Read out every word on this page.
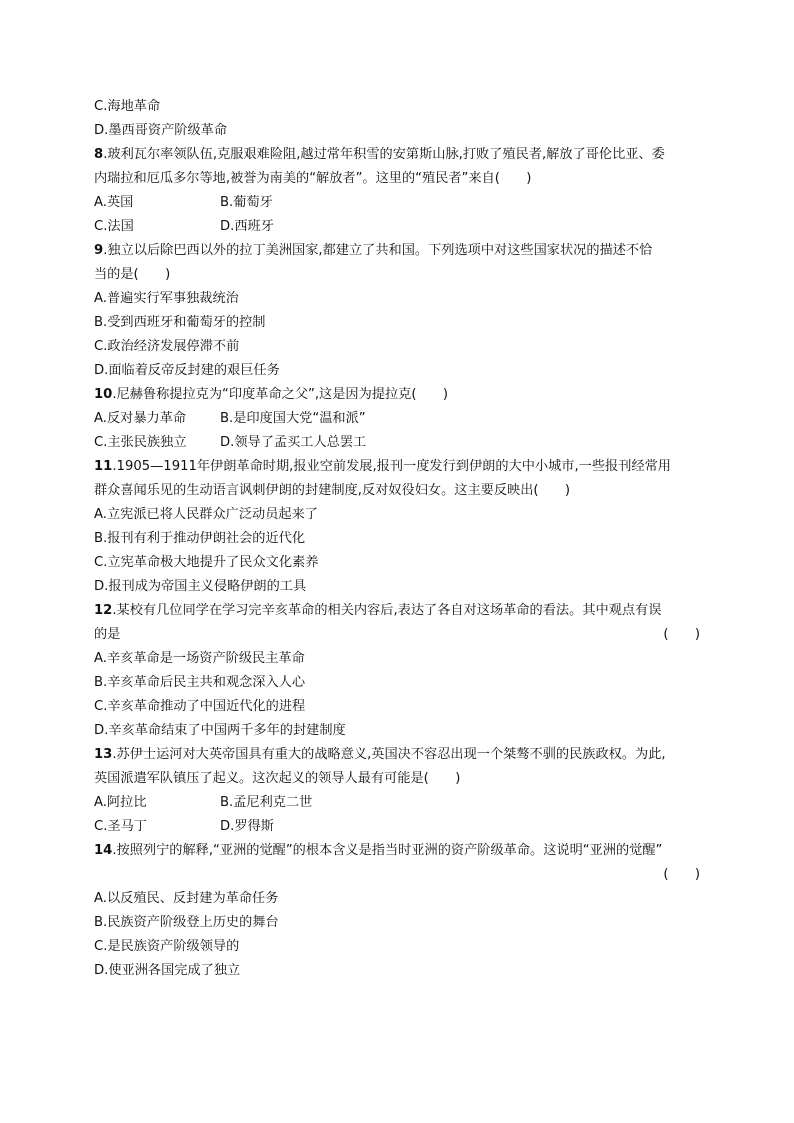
C.海地革命
D.墨西哥资产阶级革命
8.玻利瓦尔率领队伍,克服艰难险阻,越过常年积雪的安第斯山脉,打败了殖民者,解放了哥伦比亚、委
内瑞拉和厄瓜多尔等地,被誉为南美的“解放者”。这里的“殖民者”来自(　　)
A.英国	B.葡萄牙
C.法国	D.西班牙
9.独立以后除巴西以外的拉丁美洲国家,都建立了共和国。下列选项中对这些国家状况的描述不恰
当的是(　　)
A.普遍实行军事独裁统治
B.受到西班牙和葡萄牙的控制
C.政治经济发展停滞不前
D.面临着反帝反封建的艰巨任务
10.尼赫鲁称提拉克为“印度革命之父”,这是因为提拉克(　　)
A.反对暴力革命	B.是印度国大党“温和派”
C.主张民族独立	D.领导了孟买工人总罢工
11.1905—1911年伊朗革命时期,报业空前发展,报刊一度发行到伊朗的大中小城市,一些报刊经常用
群众喜闻乐见的生动语言讽刺伊朗的封建制度,反对奴役妇女。这主要反映出(　　)
A.立宪派已将人民群众广泛动员起来了
B.报刊有利于推动伊朗社会的近代化
C.立宪革命极大地提升了民众文化素养
D.报刊成为帝国主义侵略伊朗的工具
12.某校有几位同学在学习完辛亥革命的相关内容后,表达了各自对这场革命的看法。其中观点有误
的是	(　　)
A.辛亥革命是一场资产阶级民主革命
B.辛亥革命后民主共和观念深入人心
C.辛亥革命推动了中国近代化的进程
D.辛亥革命结束了中国两千多年的封建制度
13.苏伊士运河对大英帝国具有重大的战略意义,英国决不容忍出现一个桀骜不驯的民族政权。为此,
英国派遣军队镇压了起义。这次起义的领导人最有可能是(　　)
A.阿拉比	B.孟尼利克二世
C.圣马丁	D.罗得斯
14.按照列宁的解释,“亚洲的觉醒”的根本含义是指当时亚洲的资产阶级革命。这说明“亚洲的觉醒”
(　　)
A.以反殖民、反封建为革命任务
B.民族资产阶级登上历史的舞台
C.是民族资产阶级领导的
D.使亚洲各国完成了独立
